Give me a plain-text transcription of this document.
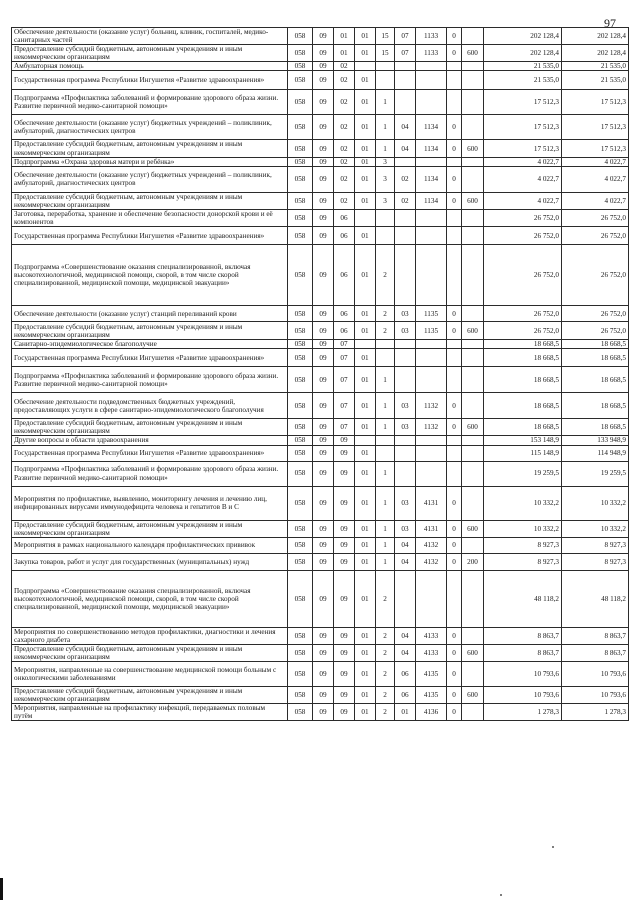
97
Обеспечение деятельности (оказание услуг) больниц, клиник, госпиталей, медико-санитарных частей	058	09	01	01	15	07	1133	0		202 128,4	202 128,4
Предоставление субсидий бюджетным, автономным учреждениям и иным некоммерческим организациям	058	09	01	01	15	07	1133	0	600	202 128,4	202 128,4
Амбулаторная помощь	058	09	02							21 535,0	21 535,0
Государственная программа Республики Ингушетия «Развитие здравоохранения»	058	09	02	01						21 535,0	21 535,0
Подпрограмма «Профилактика заболеваний и формирование здорового образа жизни. Развитие первичной медико-санитарной помощи»	058	09	02	01	1					17 512,3	17 512,3
Обеспечение деятельности (оказание услуг) бюджетных учреждений – поликлиник, амбулаторий, диагностических центров	058	09	02	01	1	04	1134	0		17 512,3	17 512,3
Предоставление субсидий бюджетным, автономным учреждениям и иным некоммерческим организациям	058	09	02	01	1	04	1134	0	600	17 512,3	17 512,3
Подпрограмма «Охрана здоровья матери и ребёнка»	058	09	02	01	3					4 022,7	4 022,7
Обеспечение деятельности (оказание услуг) бюджетных учреждений – поликлиник, амбулаторий, диагностических центров	058	09	02	01	3	02	1134	0		4 022,7	4 022,7
Предоставление субсидий бюджетным, автономным учреждениям и иным некоммерческим организациям	058	09	02	01	3	02	1134	0	600	4 022,7	4 022,7
Заготовка, переработка, хранение и обеспечение безопасности донорской крови и её компонентов	058	09	06							26 752,0	26 752,0
Государственная программа Республики Ингушетия «Развитие здравоохранения»	058	09	06	01						26 752,0	26 752,0
Подпрограмма «Совершенствование оказания специализированной, включая высокотехнологичной, медицинской помощи, скорой, в том числе скорой специализированной, медицинской помощи, медицинской эвакуации»	058	09	06	01	2					26 752,0	26 752,0
Обеспечение деятельности (оказание услуг) станций переливаний крови	058	09	06	01	2	03	1135	0		26 752,0	26 752,0
Предоставление субсидий бюджетным, автономным учреждениям и иным некоммерческим организациям	058	09	06	01	2	03	1135	0	600	26 752,0	26 752,0
Санитарно-эпидемиологическое благополучие	058	09	07							18 668,5	18 668,5
Государственная программа Республики Ингушетия «Развитие здравоохранения»	058	09	07	01						18 668,5	18 668,5
Подпрограмма «Профилактика заболеваний и формирование здорового образа жизни. Развитие первичной медико-санитарной помощи»	058	09	07	01	1					18 668,5	18 668,5
Обеспечение деятельности подведомственных бюджетных учреждений, предоставляющих услуги в сфере санитарно-эпидемиологического благополучия	058	09	07	01	1	03	1132	0		18 668,5	18 668,5
Предоставление субсидий бюджетным, автономным учреждениям и иным некоммерческим организациям	058	09	07	01	1	03	1132	0	600	18 668,5	18 668,5
Другие вопросы в области здравоохранения	058	09	09							153 148,9	133 948,9
Государственная программа Республики Ингушетия «Развитие здравоохранения»	058	09	09	01						115 148,9	114 948,9
Подпрограмма «Профилактика заболеваний и формирование здорового образа жизни. Развитие первичной медико-санитарной помощи»	058	09	09	01	1					19 259,5	19 259,5
Мероприятия по профилактике, выявлению, мониторингу лечения и лечению лиц, инфицированных вирусами иммунодефицита человека и гепатитов В и С	058	09	09	01	1	03	4131	0		10 332,2	10 332,2
Предоставление субсидий бюджетным, автономным учреждениям и иным некоммерческим организациям	058	09	09	01	1	03	4131	0	600	10 332,2	10 332,2
Мероприятия в рамках национального календаря профилактических прививок	058	09	09	01	1	04	4132	0		8 927,3	8 927,3
Закупка товаров, работ и услуг для государственных (муниципальных) нужд	058	09	09	01	1	04	4132	0	200	8 927,3	8 927,3
Подпрограмма «Совершенствование оказания специализированной, включая высокотехнологичной, медицинской помощи, скорой, в том числе скорой специализированной, медицинской помощи, медицинской эвакуации»	058	09	09	01	2					48 118,2	48 118,2
Мероприятия по совершенствованию методов профилактики, диагностики и лечения сахарного диабета	058	09	09	01	2	04	4133	0		8 863,7	8 863,7
Предоставление субсидий бюджетным, автономным учреждениям и иным некоммерческим организациям	058	09	09	01	2	04	4133	0	600	8 863,7	8 863,7
Мероприятия, направленные на совершенствование медицинской помощи больным с онкологическими заболеваниями	058	09	09	01	2	06	4135	0		10 793,6	10 793,6
Предоставление субсидий бюджетным, автономным учреждениям и иным некоммерческим организациям	058	09	09	01	2	06	4135	0	600	10 793,6	10 793,6
Мероприятия, направленные на профилактику инфекций, передаваемых половым путём	058	09	09	01	2	01	4136	0		1 278,3	1 278,3
